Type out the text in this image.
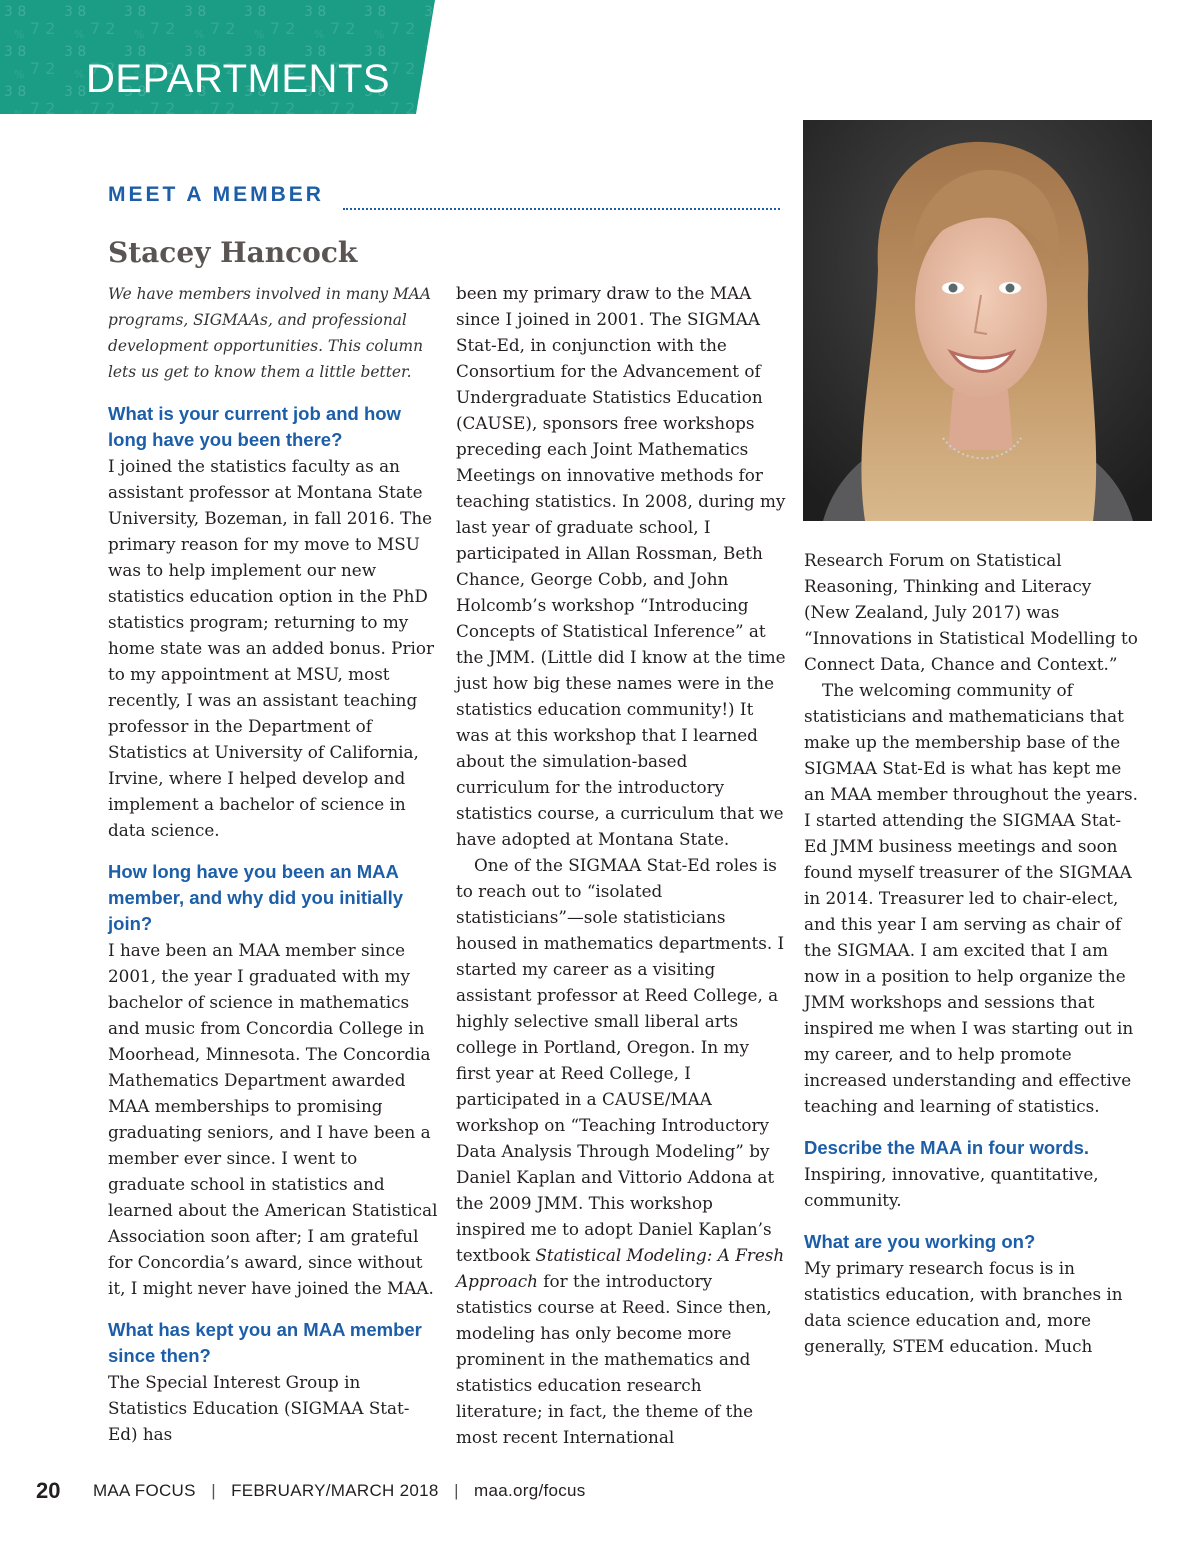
DEPARTMENTS
MEET A MEMBER
Stacey Hancock

We have members involved in many MAA programs, SIGMAAs, and professional development opportunities. This column lets us get to know them a little better.

What is your current job and how long have you been there?

I joined the statistics faculty as an assistant professor at Montana State University, Bozeman, in fall 2016. The primary reason for my move to MSU was to help implement our new statistics education option in the PhD statistics program; returning to my home state was an added bonus. Prior to my appointment at MSU, most recently, I was an assistant teaching professor in the Department of Statistics at University of California, Irvine, where I helped develop and implement a bachelor of science in data science.

How long have you been an MAA member, and why did you initially join?

I have been an MAA member since 2001, the year I graduated with my bachelor of science in mathematics and music from Concordia College in Moorhead, Minnesota. The Concordia Mathematics Department awarded MAA memberships to promising graduating seniors, and I have been a member ever since. I went to graduate school in statistics and learned about the American Statistical Association soon after; I am grateful for Concordia’s award, since without it, I might never have joined the MAA.

What has kept you an MAA member since then?

The Special Interest Group in Statistics Education (SIGMAA Stat-Ed) has

been my primary draw to the MAA since I joined in 2001. The SIGMAA Stat-Ed, in conjunction with the Consortium for the Advancement of Undergraduate Statistics Education (CAUSE), sponsors free workshops preceding each Joint Mathematics Meetings on innovative methods for teaching statistics. In 2008, during my last year of graduate school, I participated in Allan Rossman, Beth Chance, George Cobb, and John Holcomb’s workshop “Introducing Concepts of Statistical Inference” at the JMM. (Little did I know at the time just how big these names were in the statistics education community!) It was at this workshop that I learned about the simulation-based curriculum for the introductory statistics course, a curriculum that we have adopted at Montana State.

One of the SIGMAA Stat-Ed roles is to reach out to “isolated statisticians”—sole statisticians housed in mathematics departments. I started my career as a visiting assistant professor at Reed College, a highly selective small liberal arts college in Portland, Oregon. In my first year at Reed College, I participated in a CAUSE/MAA workshop on “Teaching Introductory Data Analysis Through Modeling” by Daniel Kaplan and Vittorio Addona at the 2009 JMM. This workshop inspired me to adopt Daniel Kaplan’s textbook Statistical Modeling: A Fresh Approach for the introductory statistics course at Reed. Since then, modeling has only become more prominent in the mathematics and statistics education research literature; in fact, the theme of the most recent International

Research Forum on Statistical Reasoning, Thinking and Literacy (New Zealand, July 2017) was “Innovations in Statistical Modelling to Connect Data, Chance and Context.”

The welcoming community of statisticians and mathematicians that make up the membership base of the SIGMAA Stat-Ed is what has kept me an MAA member throughout the years. I started attending the SIGMAA Stat-Ed JMM business meetings and soon found myself treasurer of the SIGMAA in 2014. Treasurer led to chair-elect, and this year I am serving as chair of the SIGMAA. I am excited that I am now in a position to help organize the JMM workshops and sessions that inspired me when I was starting out in my career, and to help promote increased understanding and effective teaching and learning of statistics.

Describe the MAA in four words.

Inspiring, innovative, quantitative, community.

What are you working on?

My primary research focus is in statistics education, with branches in data science education and, more generally, STEM education. Much

20 MAA FOCUS | FEBRUARY/MARCH 2018 | maa.org/focus
